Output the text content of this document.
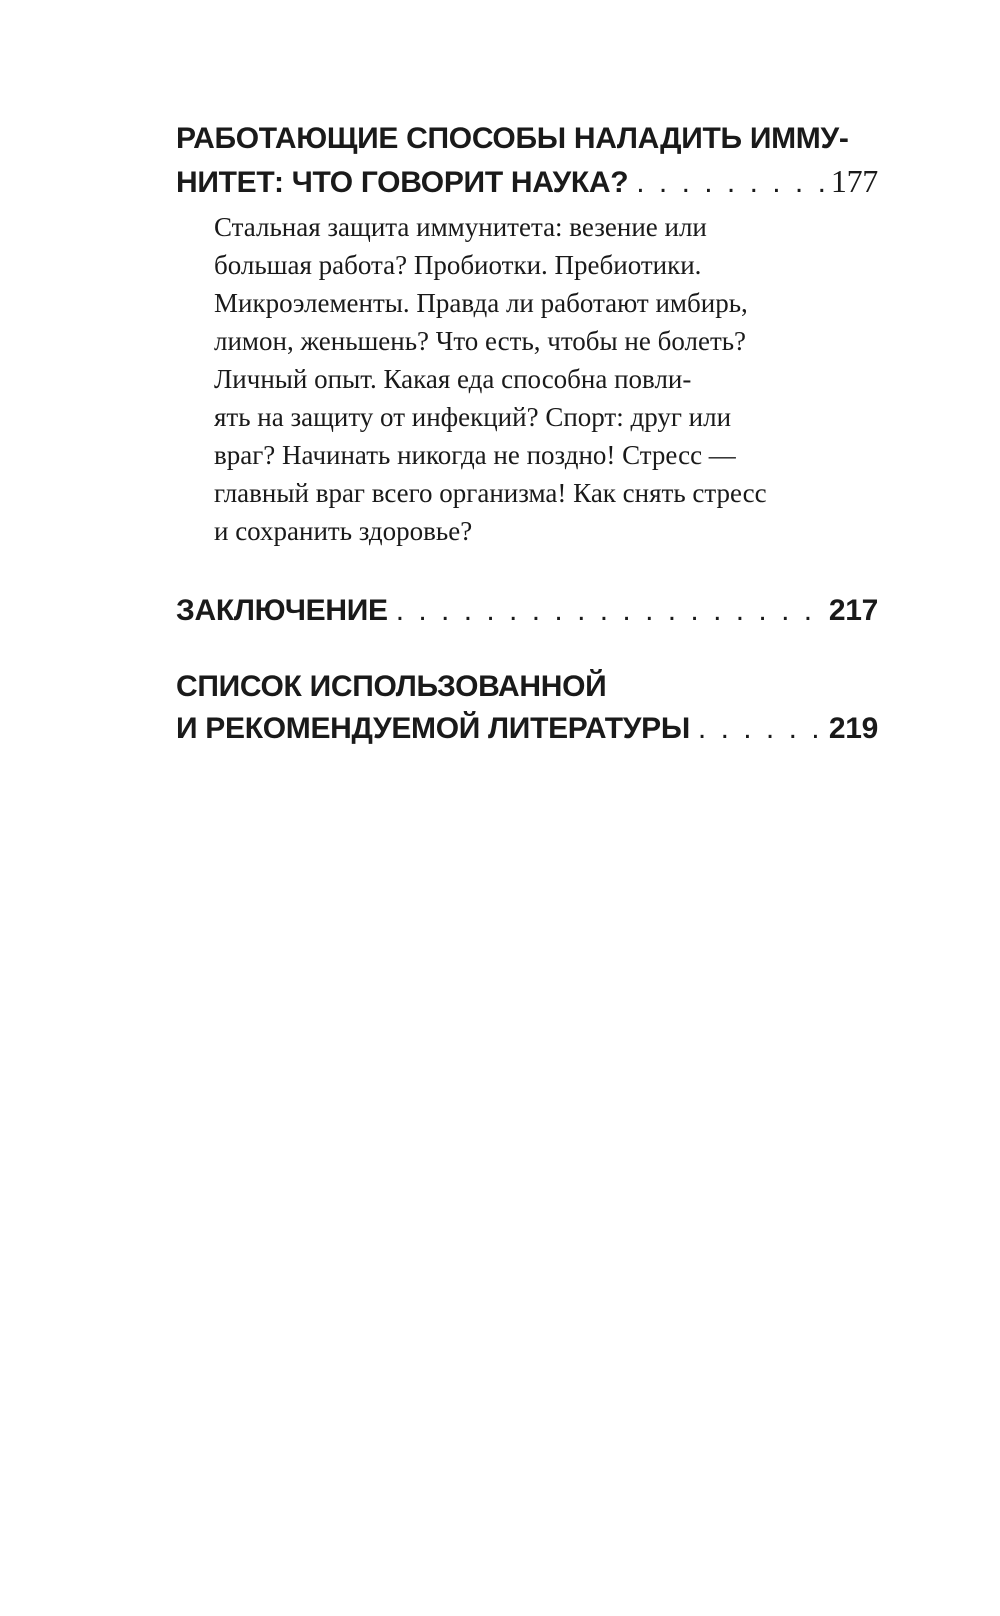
РАБОТАЮЩИЕ СПОСОБЫ НАЛАДИТЬ ИММУ-
НИТЕТ: ЧТО ГОВОРИТ НАУКА? . . .	177
Стальная защита иммунитета: везение или
большая работа? Пробиотки. Пребиотики.
Микроэлементы. Правда ли работают имбирь,
лимон, женьшень? Что есть, чтобы не болеть?
Личный опыт. Какая еда способна повли-
ять на защиту от инфекций? Спорт: друг или
враг? Начинать никогда не поздно! Стресс —
главный враг всего организма! Как снять стресс
и сохранить здоровье?
ЗАКЛЮЧЕНИЕ . . .	217
СПИСОК ИСПОЛЬЗОВАННОЙ
И РЕКОМЕНДУЕМОЙ ЛИТЕРАТУРЫ . . .	219
